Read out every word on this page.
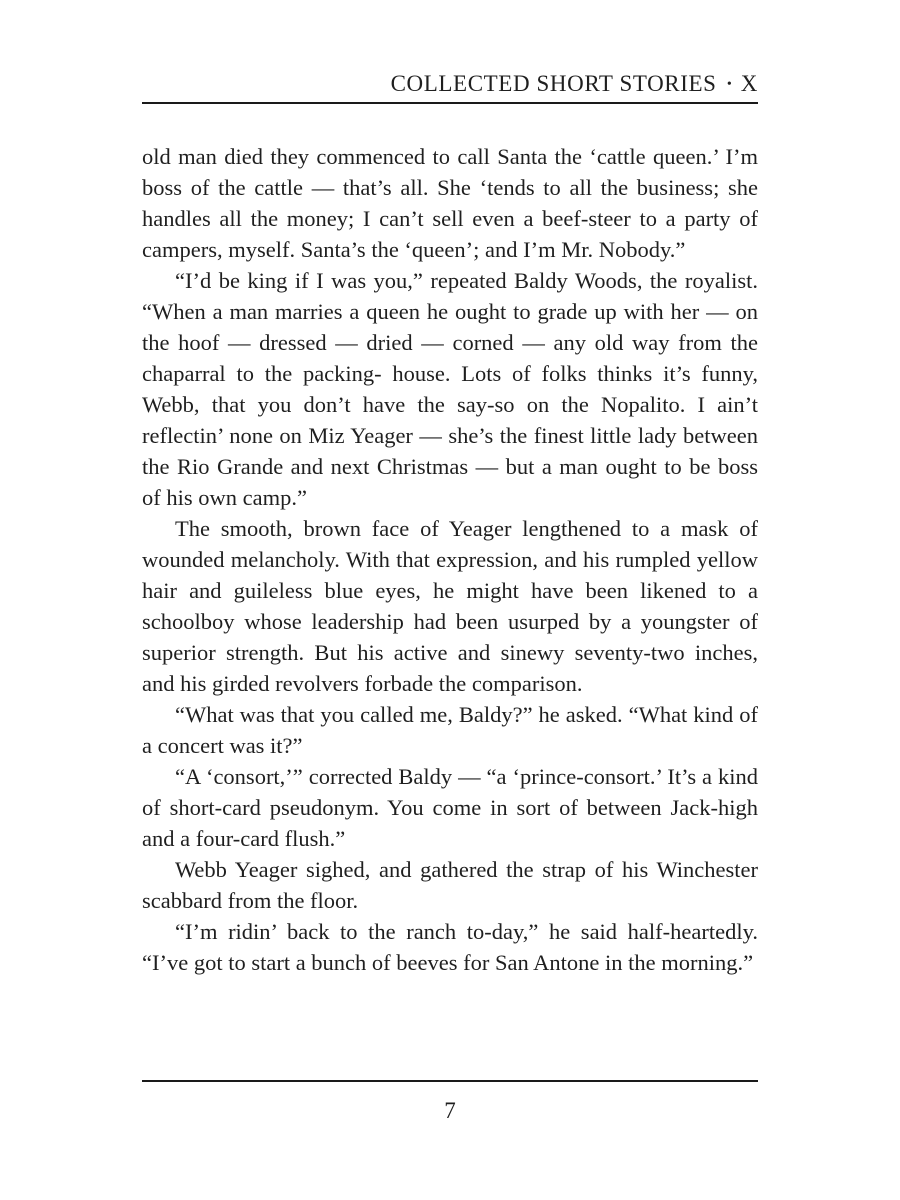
COLLECTED SHORT STORIES • X

old man died they commenced to call Santa the ‘cattle queen.’ I’m boss of the cattle — that’s all. She ‘tends to all the business; she handles all the money; I can’t sell even a beef-steer to a party of campers, myself. Santa’s the ‘queen’; and I’m Mr. Nobody.”

“I’d be king if I was you,” repeated Baldy Woods, the royalist. “When a man marries a queen he ought to grade up with her — on the hoof — dressed — dried — corned — any old way from the chaparral to the packing- house. Lots of folks thinks it’s funny, Webb, that you don’t have the say-so on the Nopalito. I ain’t reflectin’ none on Miz Yeager — she’s the finest little lady between the Rio Grande and next Christmas — but a man ought to be boss of his own camp.”

The smooth, brown face of Yeager lengthened to a mask of wounded melancholy. With that expression, and his rumpled yellow hair and guileless blue eyes, he might have been likened to a schoolboy whose leadership had been usurped by a youngster of superior strength. But his active and sinewy seventy-two inches, and his girded revolvers forbade the comparison.

“What was that you called me, Baldy?” he asked. “What kind of a concert was it?”

“A ‘consort,’” corrected Baldy — “a ‘prince-consort.’ It’s a kind of short-card pseudonym. You come in sort of between Jack-high and a four-card flush.”

Webb Yeager sighed, and gathered the strap of his Winchester scabbard from the floor.

“I’m ridin’ back to the ranch to-day,” he said half-heartedly. “I’ve got to start a bunch of beeves for San Antone in the morning.”

7
